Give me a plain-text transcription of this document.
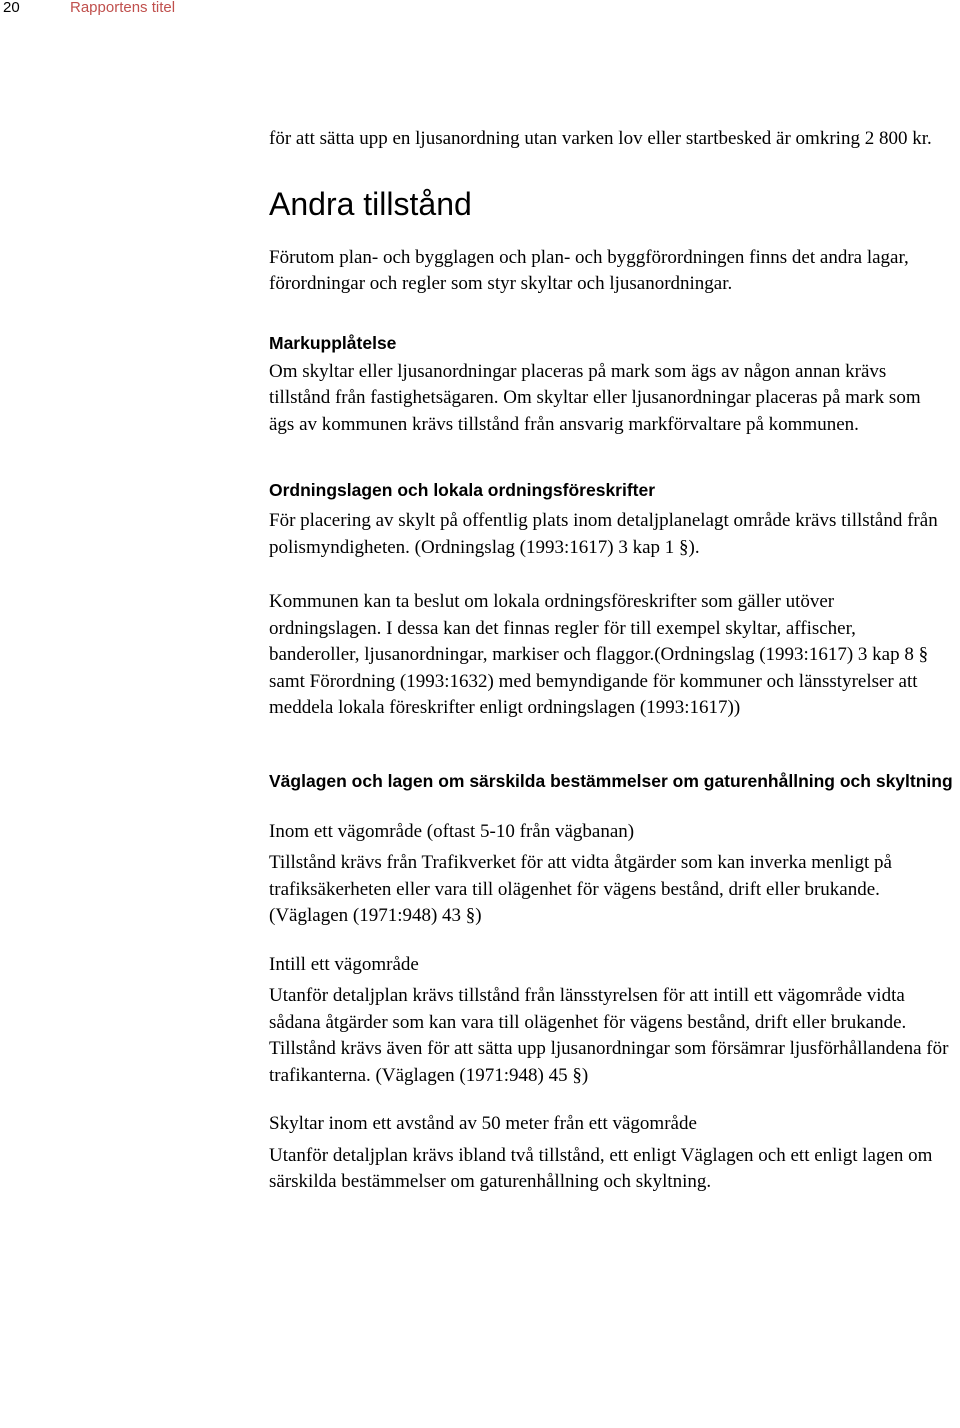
20	Rapportens titel

för att sätta upp en ljusanordning utan varken lov eller startbesked är omkring 2 800 kr.

Andra tillstånd

Förutom plan- och bygglagen och plan- och byggförordningen finns det andra lagar, förordningar och regler som styr skyltar och ljusanordningar.

Markupplåtelse

Om skyltar eller ljusanordningar placeras på mark som ägs av någon annan krävs tillstånd från fastighetsägaren. Om skyltar eller ljusanordningar placeras på mark som ägs av kommunen krävs tillstånd från ansvarig markförvaltare på kommunen.

Ordningslagen och lokala ordningsföreskrifter

För placering av skylt på offentlig plats inom detaljplanelagt område krävs tillstånd från polismyndigheten. (Ordningslag (1993:1617) 3 kap 1 §).

Kommunen kan ta beslut om lokala ordningsföreskrifter som gäller utöver ordningslagen. I dessa kan det finnas regler för till exempel skyltar, affischer, banderoller, ljusanordningar, markiser och flaggor.(Ordningslag (1993:1617) 3 kap 8 § samt Förordning (1993:1632) med bemyndigande för kommuner och länsstyrelser att meddela lokala föreskrifter enligt ordningslagen (1993:1617))

Väglagen och lagen om särskilda bestämmelser om gaturenhållning och skyltning

Inom ett vägområde (oftast 5-10 från vägbanan)

Tillstånd krävs från Trafikverket för att vidta åtgärder som kan inverka menligt på trafiksäkerheten eller vara till olägenhet för vägens bestånd, drift eller brukande. (Väglagen (1971:948) 43 §)

Intill ett vägområde

Utanför detaljplan krävs tillstånd från länsstyrelsen för att intill ett vägområde vidta sådana åtgärder som kan vara till olägenhet för vägens bestånd, drift eller brukande. Tillstånd krävs även för att sätta upp ljusanordningar som försämrar ljusförhållandena för trafikanterna. (Väglagen (1971:948) 45 §)

Skyltar inom ett avstånd av 50 meter från ett vägområde

Utanför detaljplan krävs ibland två tillstånd, ett enligt Väglagen och ett enligt lagen om särskilda bestämmelser om gaturenhållning och skyltning.
